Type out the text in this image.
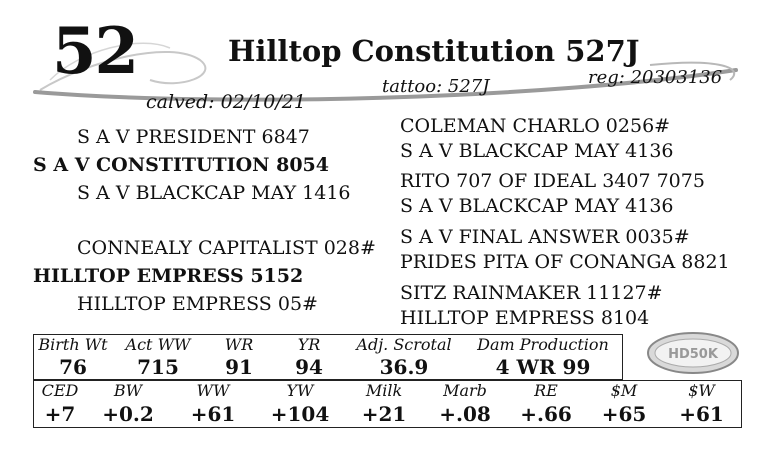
52	Hilltop Constitution 527J
reg: 20303136
tattoo: 527J
calved: 02/10/21
S A V PRESIDENT 6847
S A V CONSTITUTION 8054
S A V BLACKCAP MAY 1416
CONNEALY CAPITALIST 028#
HILLTOP EMPRESS 5152
HILLTOP EMPRESS 05#
COLEMAN CHARLO 0256#
S A V BLACKCAP MAY 4136
RITO 707 OF IDEAL 3407 7075
S A V BLACKCAP MAY 4136
S A V FINAL ANSWER 0035#
PRIDES PITA OF CONANGA 8821
SITZ RAINMAKER 11127#
HILLTOP EMPRESS 8104
Birth Wt	Act WW	WR	YR	Adj. Scrotal	Dam Production
76	715	91	94	36.9	4 WR 99
HD50K
CED	BW	WW	YW	Milk	Marb	RE	$M	$W
+7	+0.2	+61	+104	+21	+.08	+.66	+65	+61
